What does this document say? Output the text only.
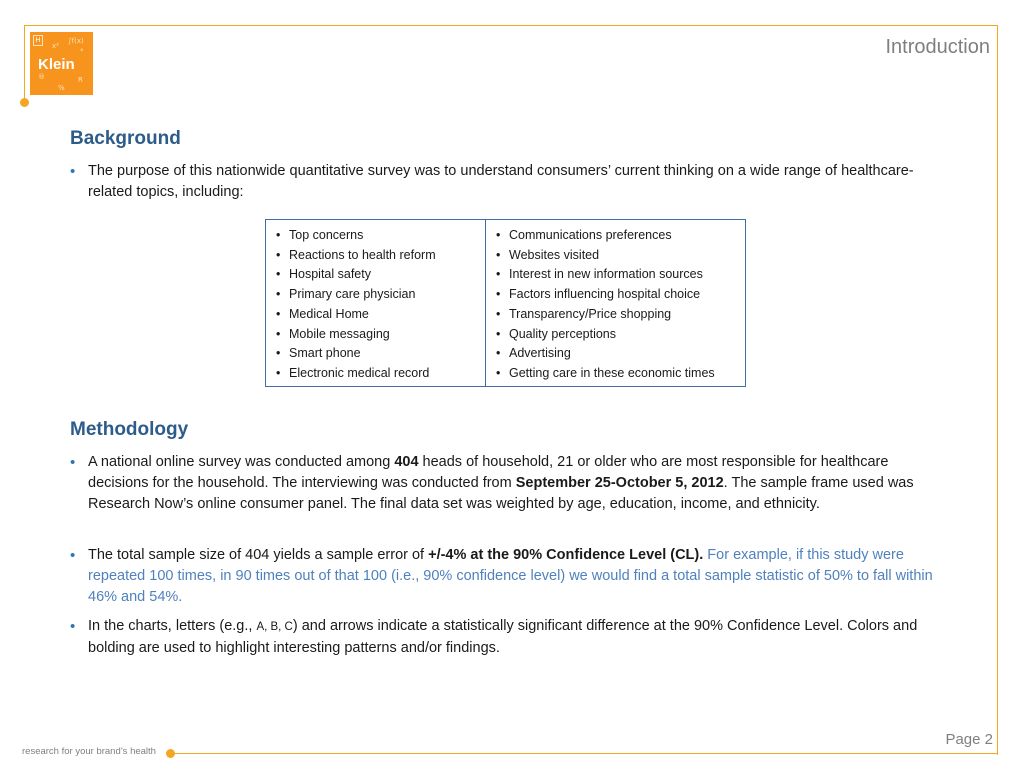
H
x²
∫f(x)
°
Klein
®	R
%
Introduction
Background
• The purpose of this nationwide quantitative survey was to understand consumers’ current thinking on a wide range of healthcare-related topics, including:
• Top concerns
• Reactions to health reform
• Hospital safety
• Primary care physician
• Medical Home
• Mobile messaging
• Smart phone
• Electronic medical record
• Communications preferences
• Websites visited
• Interest in new information sources
• Factors influencing hospital choice
• Transparency/Price shopping
• Quality perceptions
• Advertising
• Getting care in these economic times
Methodology
• A national online survey was conducted among 404 heads of household, 21 or older who are most responsible for healthcare decisions for the household. The interviewing was conducted from September 25-October 5, 2012. The sample frame used was Research Now’s online consumer panel. The final data set was weighted by age, education, income, and ethnicity.
• The total sample size of 404 yields a sample error of +/-4% at the 90% Confidence Level (CL). For example, if this study were repeated 100 times, in 90 times out of that 100 (i.e., 90% confidence level) we would find a total sample statistic of 50% to fall within 46% and 54%.
• In the charts, letters (e.g., A, B, C) and arrows indicate a statistically significant difference at the 90% Confidence Level. Colors and bolding are used to highlight interesting patterns and/or findings.
research for your brand’s health
Page 2
